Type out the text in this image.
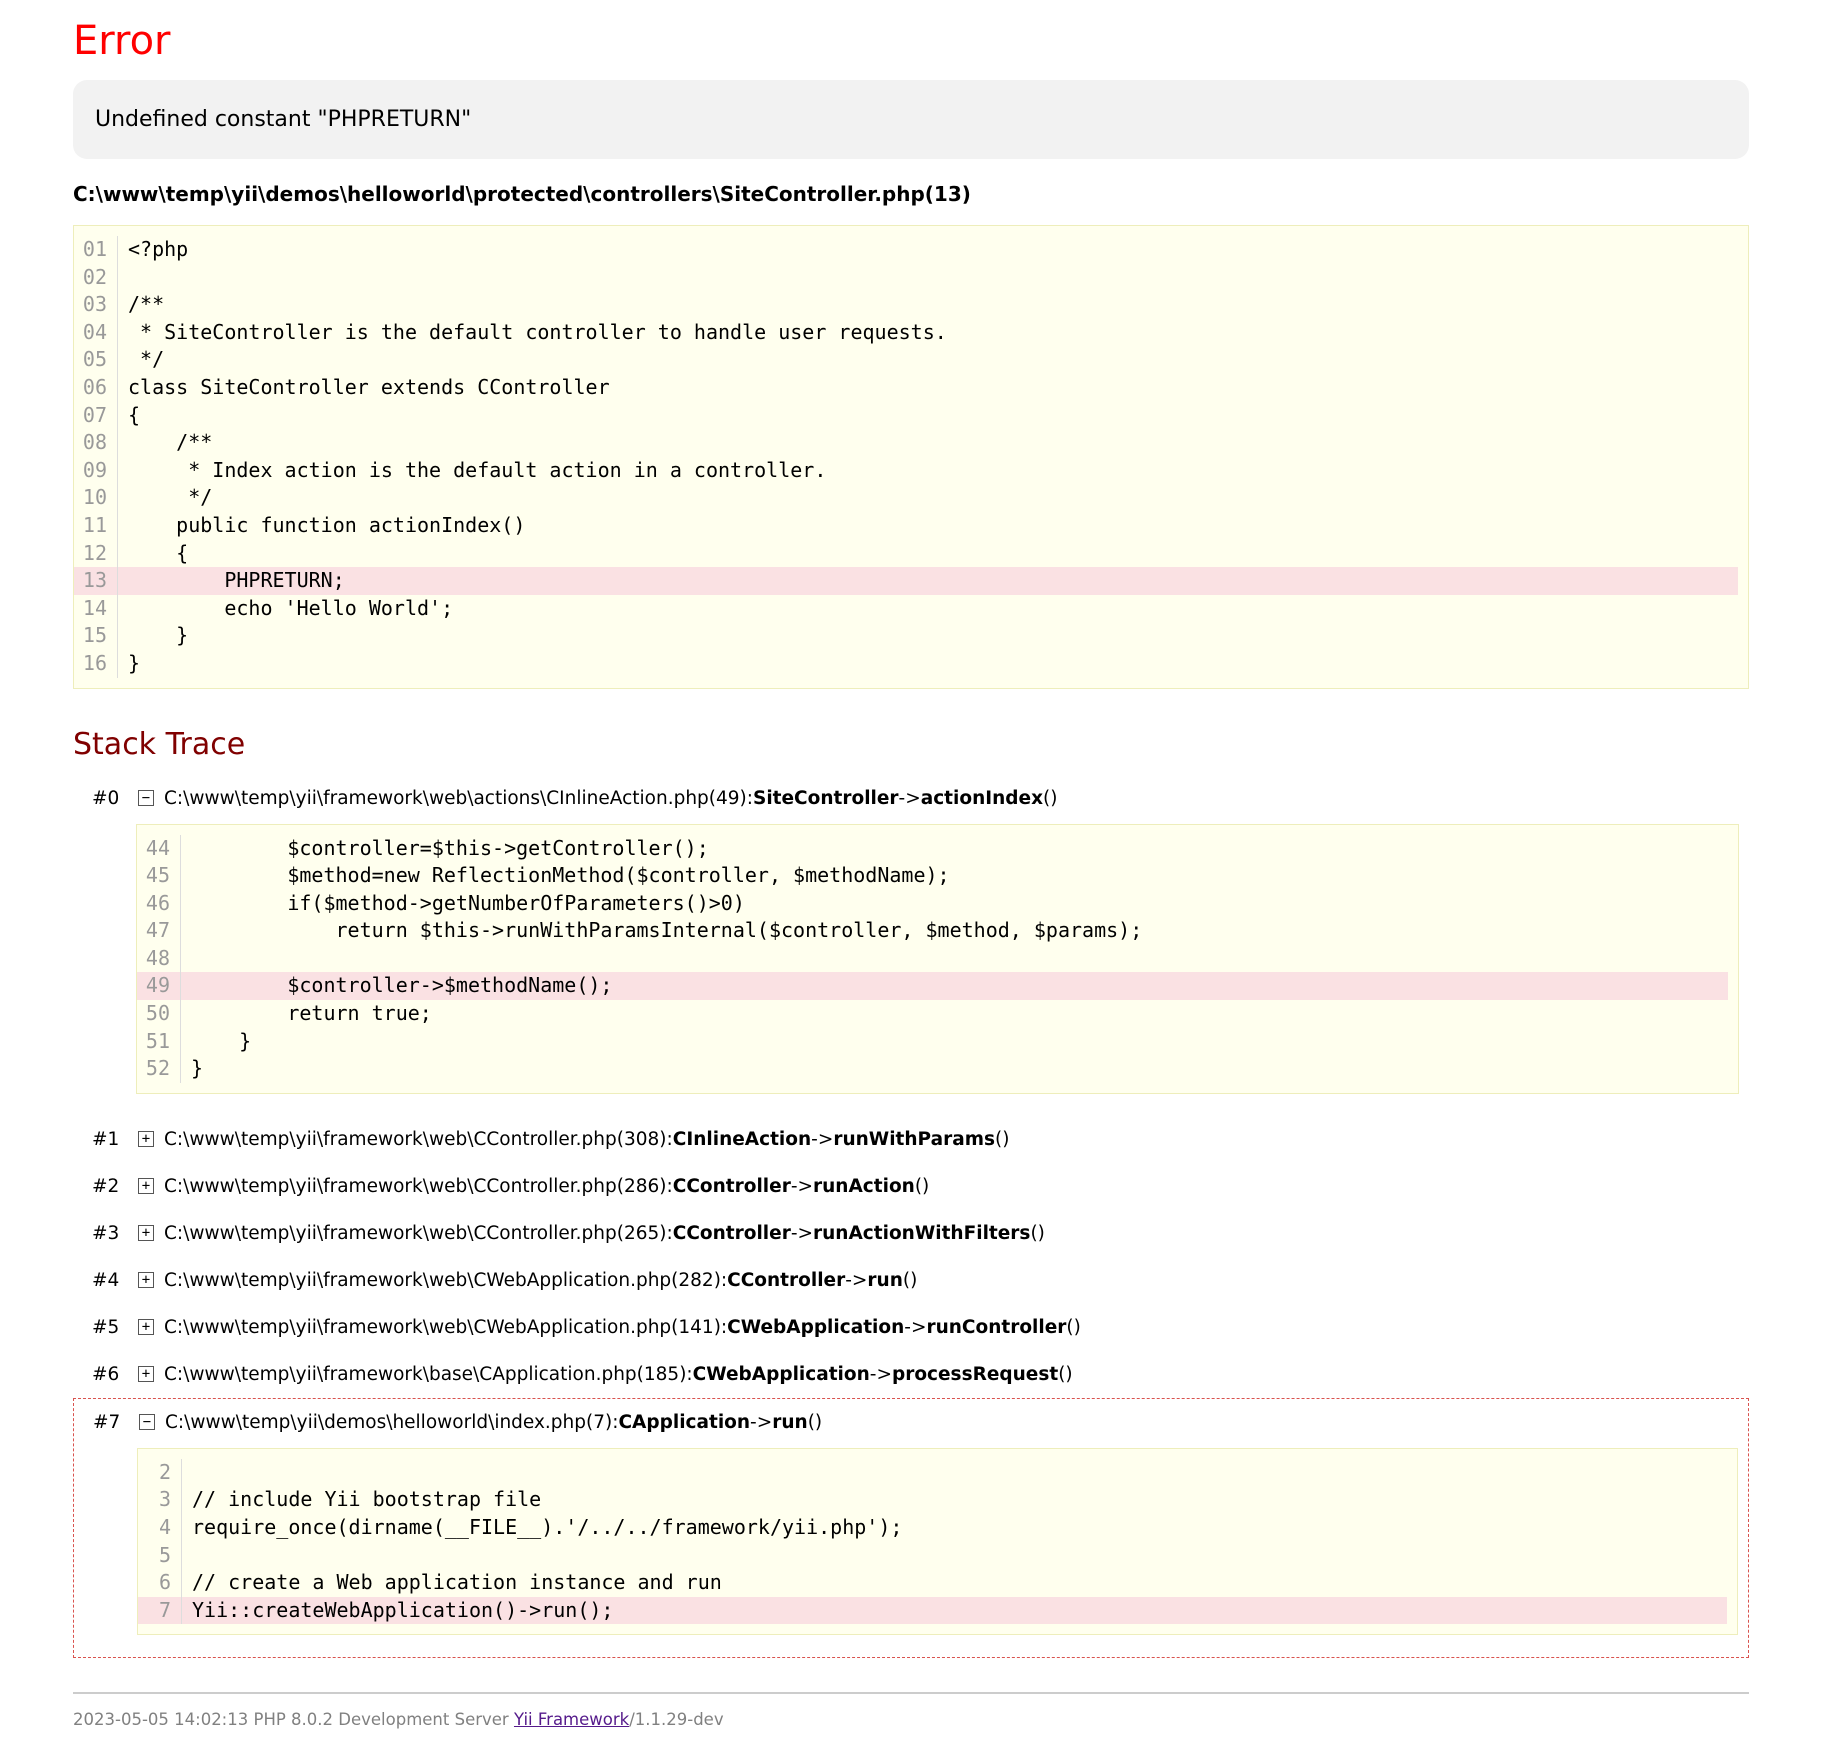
Error
Undefined constant "PHPRETURN"
C:\www\temp\yii\demos\helloworld\protected\controllers\SiteController.php(13)
01	<?php
02
03	/**
04	* SiteController is the default controller to handle user requests.
05	*/
06	class SiteController extends CController
07	{
08	/**
09	* Index action is the default action in a controller.
10	*/
11	public function actionIndex()
12	{
13	PHPRETURN;
14	echo 'Hello World';
15	}
16	}
Stack Trace
#0	− C:\www\temp\yii\framework\web\actions\CInlineAction.php(49): SiteController->actionIndex()
44	$controller=$this->getController();
45	$method=new ReflectionMethod($controller, $methodName);
46	if($method->getNumberOfParameters()>0)
47	return $this->runWithParamsInternal($controller, $method, $params);
48
49	$controller->$methodName();
50	return true;
51	}
52	}
#1	+ C:\www\temp\yii\framework\web\CController.php(308): CInlineAction->runWithParams()
#2	+ C:\www\temp\yii\framework\web\CController.php(286): CController->runAction()
#3	+ C:\www\temp\yii\framework\web\CController.php(265): CController->runActionWithFilters()
#4	+ C:\www\temp\yii\framework\web\CWebApplication.php(282): CController->run()
#5	+ C:\www\temp\yii\framework\web\CWebApplication.php(141): CWebApplication->runController()
#6	+ C:\www\temp\yii\framework\base\CApplication.php(185): CWebApplication->processRequest()
#7	− C:\www\temp\yii\demos\helloworld\index.php(7): CApplication->run()
2
3	// include Yii bootstrap file
4	require_once(dirname(__FILE__).'/../../framework/yii.php');
5
6	// create a Web application instance and run
7	Yii::createWebApplication()->run();
2023-05-05 14:02:13 PHP 8.0.2 Development Server Yii Framework/1.1.29-dev
